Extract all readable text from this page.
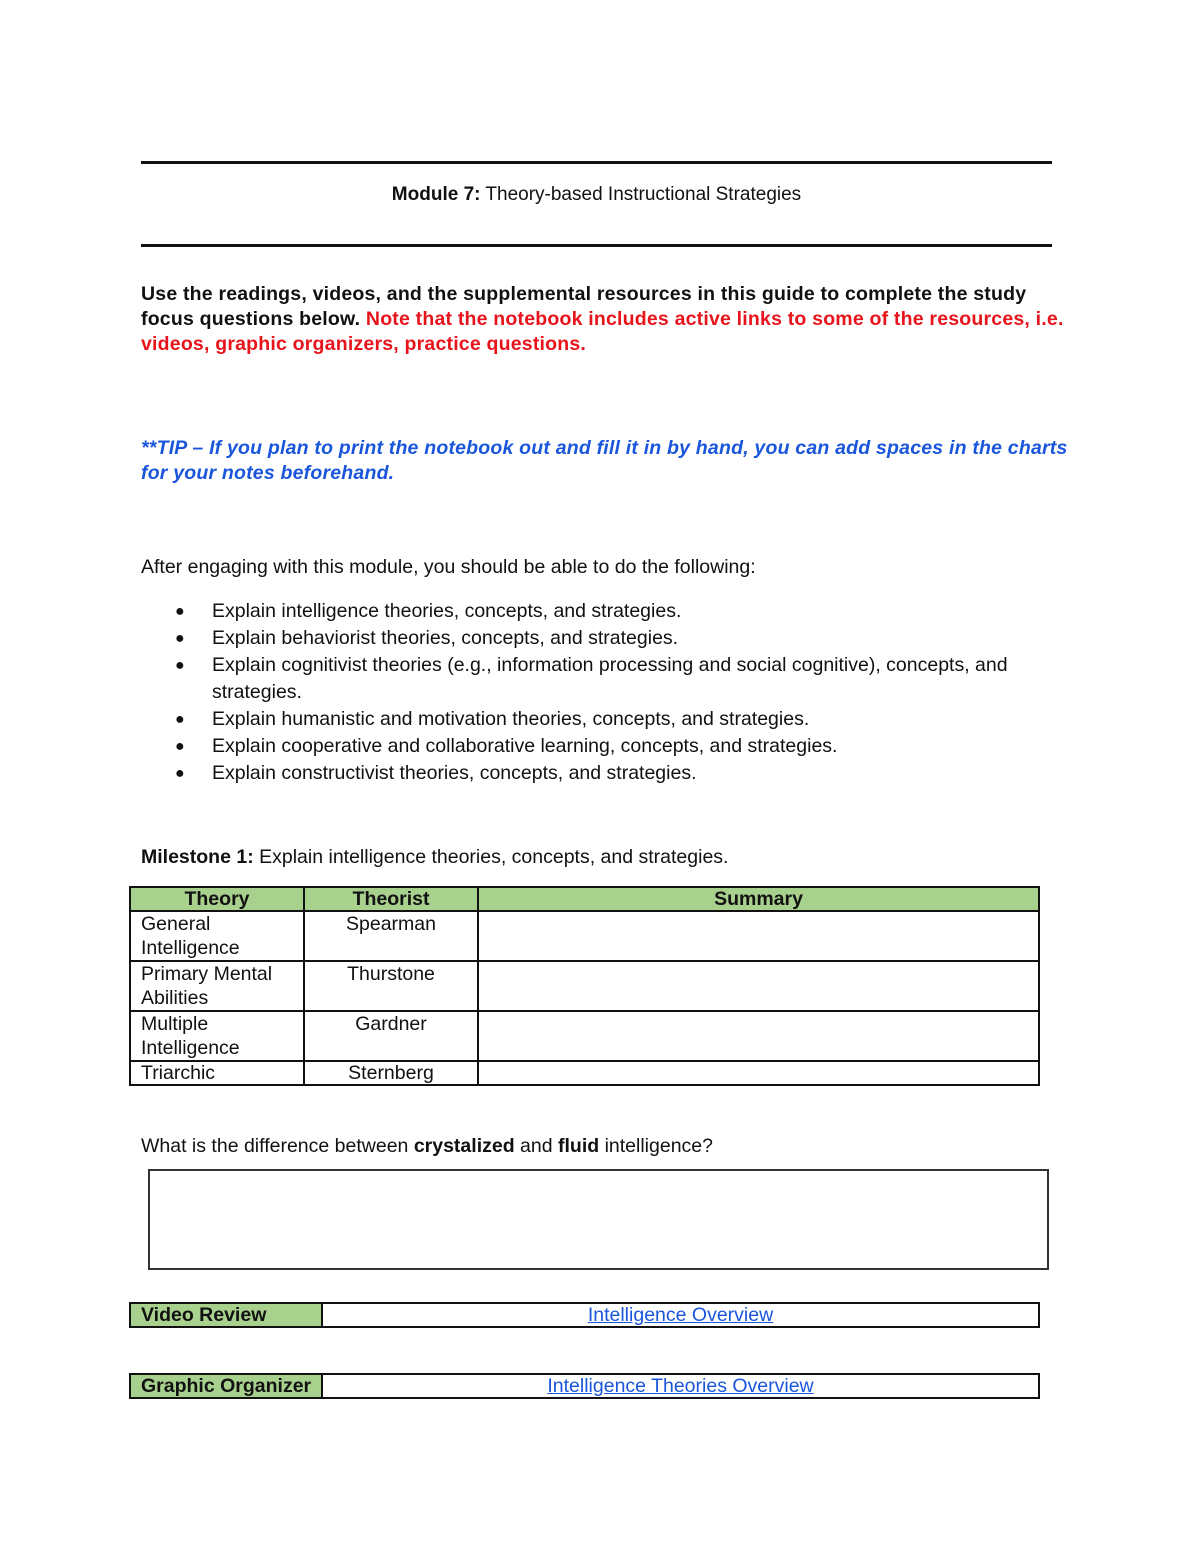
Module 7: Theory-based Instructional Strategies
Use the readings, videos, and the supplemental resources in this guide to complete the study focus questions below. Note that the notebook includes active links to some of the resources, i.e. videos, graphic organizers, practice questions.
**TIP – If you plan to print the notebook out and fill it in by hand, you can add spaces in the charts for your notes beforehand.
After engaging with this module, you should be able to do the following:
● Explain intelligence theories, concepts, and strategies.
● Explain behaviorist theories, concepts, and strategies.
● Explain cognitivist theories (e.g., information processing and social cognitive), concepts, and strategies.
● Explain humanistic and motivation theories, concepts, and strategies.
● Explain cooperative and collaborative learning, concepts, and strategies.
● Explain constructivist theories, concepts, and strategies.
Milestone 1: Explain intelligence theories, concepts, and strategies.
Theory	Theorist	Summary
General Intelligence	Spearman	
Primary Mental Abilities	Thurstone	
Multiple Intelligence	Gardner	
Triarchic	Sternberg	
What is the difference between crystalized and fluid intelligence?
Video Review	Intelligence Overview
Graphic Organizer	Intelligence Theories Overview
